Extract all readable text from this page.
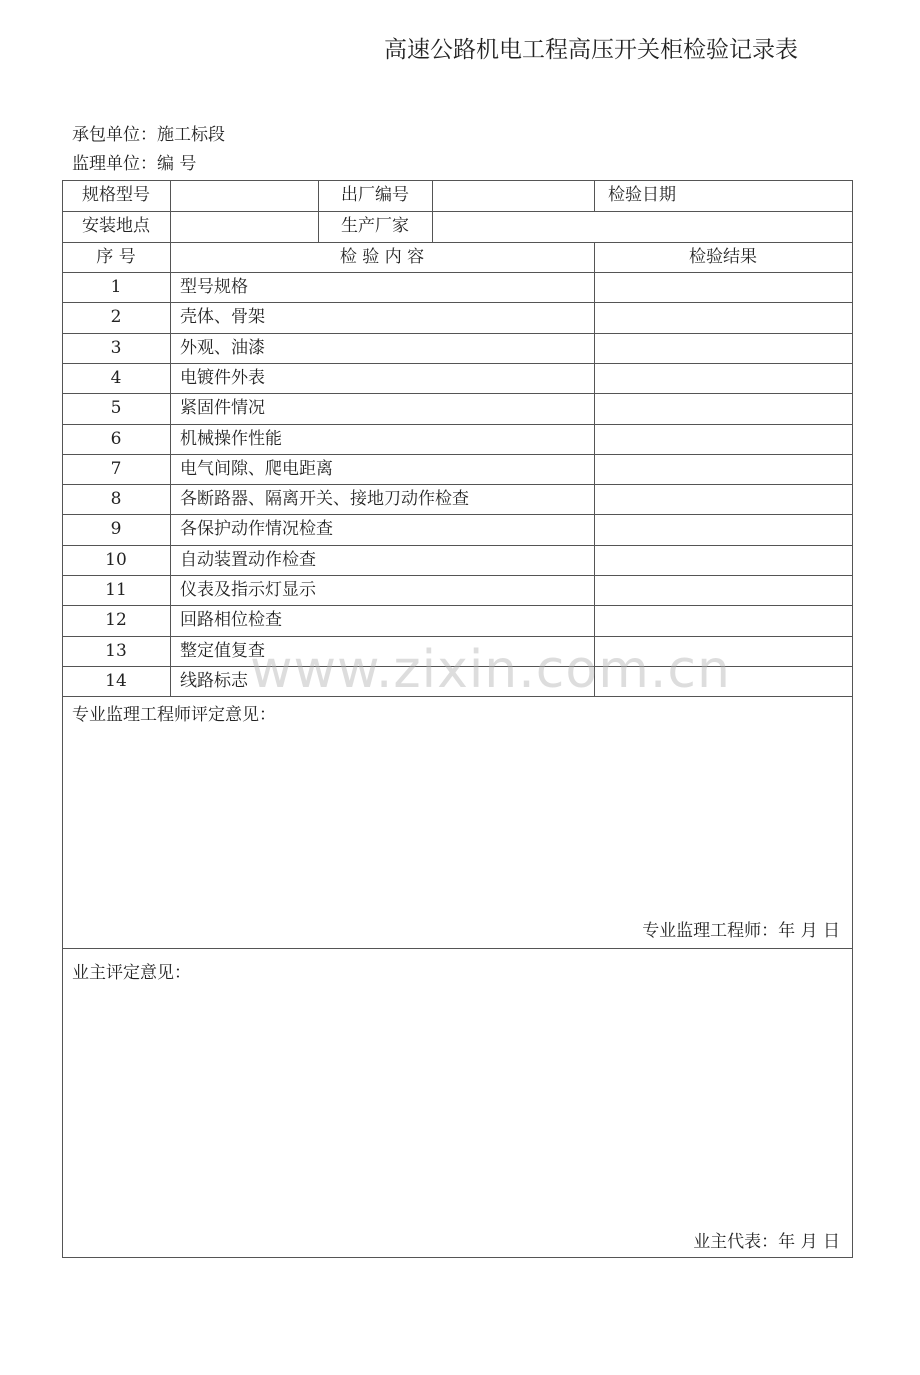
高速公路机电工程高压开关柜检验记录表
承包单位：施工标段
监理单位：编 号
规格型号	出厂编号	检验日期
安装地点	生产厂家
序 号	检 验 内 容	检验结果
1	型号规格
2	壳体、骨架
3	外观、油漆
4	电镀件外表
5	紧固件情况
6	机械操作性能
7	电气间隙、爬电距离
8	各断路器、隔离开关、接地刀动作检查
9	各保护动作情况检查
10	自动装置动作检查
11	仪表及指示灯显示
12	回路相位检查
13	整定值复查
14	线路标志
专业监理工程师评定意见：
专业监理工程师：年 月 日
业主评定意见：
业主代表：年 月 日
www.zixin.com.cn
